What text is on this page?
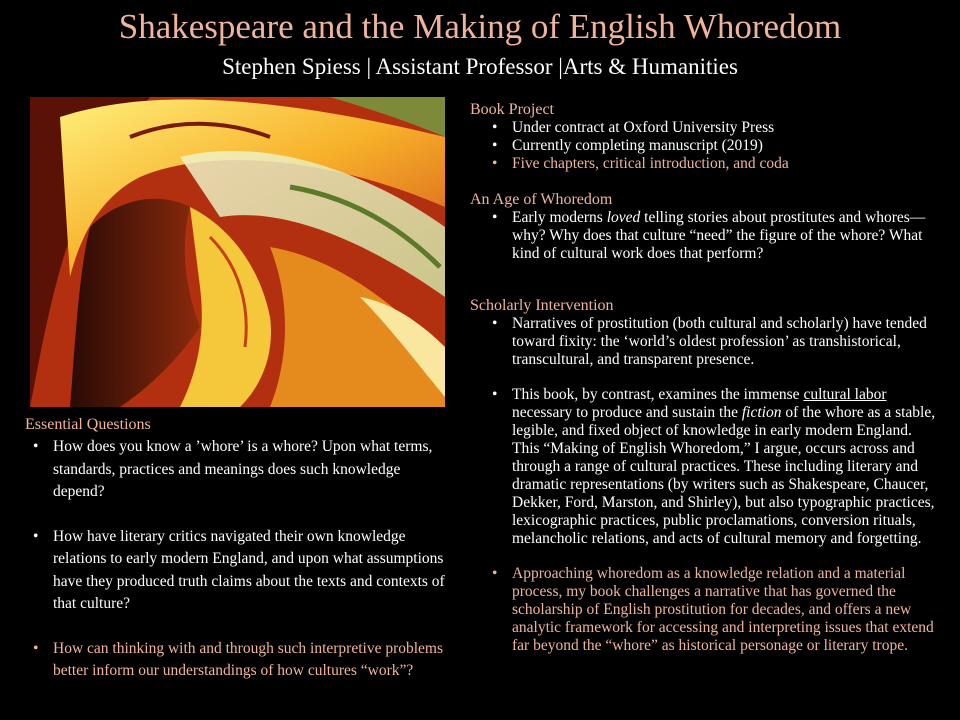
Shakespeare and the Making of English Whoredom
Stephen Spiess | Assistant Professor |Arts & Humanities
Book Project
• Under contract at Oxford University Press
• Currently completing manuscript (2019)
• Five chapters, critical introduction, and coda
An Age of Whoredom
• Early moderns loved telling stories about prostitutes and whores—why? Why does that culture “need” the figure of the whore? What kind of cultural work does that perform?
Scholarly Intervention
• Narratives of prostitution (both cultural and scholarly) have tended toward fixity: the ‘world’s oldest profession’ as transhistorical, transcultural, and transparent presence.
• This book, by contrast, examines the immense cultural labor necessary to produce and sustain the fiction of the whore as a stable, legible, and fixed object of knowledge in early modern England. This “Making of English Whoredom,” I argue, occurs across and through a range of cultural practices. These including literary and dramatic representations (by writers such as Shakespeare, Chaucer, Dekker, Ford, Marston, and Shirley), but also typographic practices, lexicographic practices, public proclamations, conversion rituals, melancholic relations, and acts of cultural memory and forgetting.
• Approaching whoredom as a knowledge relation and a material process, my book challenges a narrative that has governed the scholarship of English prostitution for decades, and offers a new analytic framework for accessing and interpreting issues that extend far beyond the “whore” as historical personage or literary trope.
Essential Questions
• How does you know a ’whore’ is a whore? Upon what terms, standards, practices and meanings does such knowledge depend?
• How have literary critics navigated their own knowledge relations to early modern England, and upon what assumptions have they produced truth claims about the texts and contexts of that culture?
• How can thinking with and through such interpretive problems better inform our understandings of how cultures “work”?
